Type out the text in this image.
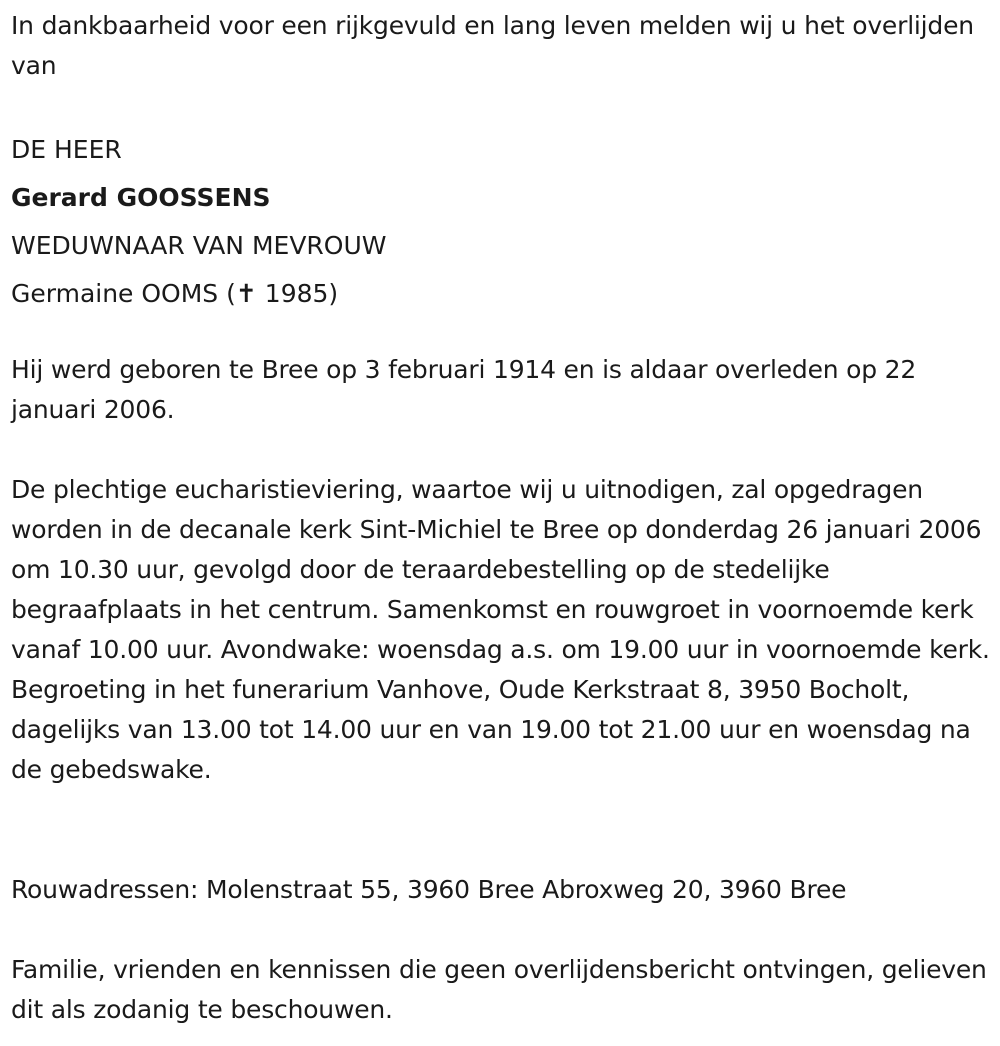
In dankbaarheid voor een rijkgevuld en lang leven melden wij u het overlijden van

DE HEER
Gerard GOOSSENS
WEDUWNAAR VAN MEVROUW
Germaine OOMS (✝ 1985)

Hij werd geboren te Bree op 3 februari 1914 en is aldaar overleden op 22 januari 2006.

De plechtige eucharistieviering, waartoe wij u uitnodigen, zal opgedragen worden in de decanale kerk Sint-Michiel te Bree op donderdag 26 januari 2006 om 10.30 uur, gevolgd door de teraardebestelling op de stedelijke begraafplaats in het centrum. Samenkomst en rouwgroet in voornoemde kerk vanaf 10.00 uur. Avondwake: woensdag a.s. om 19.00 uur in voornoemde kerk. Begroeting in het funerarium Vanhove, Oude Kerkstraat 8, 3950 Bocholt, dagelijks van 13.00 tot 14.00 uur en van 19.00 tot 21.00 uur en woensdag na de gebedswake.

Rouwadressen: Molenstraat 55, 3960 Bree Abroxweg 20, 3960 Bree

Familie, vrienden en kennissen die geen overlijdensbericht ontvingen, gelieven dit als zodanig te beschouwen.
